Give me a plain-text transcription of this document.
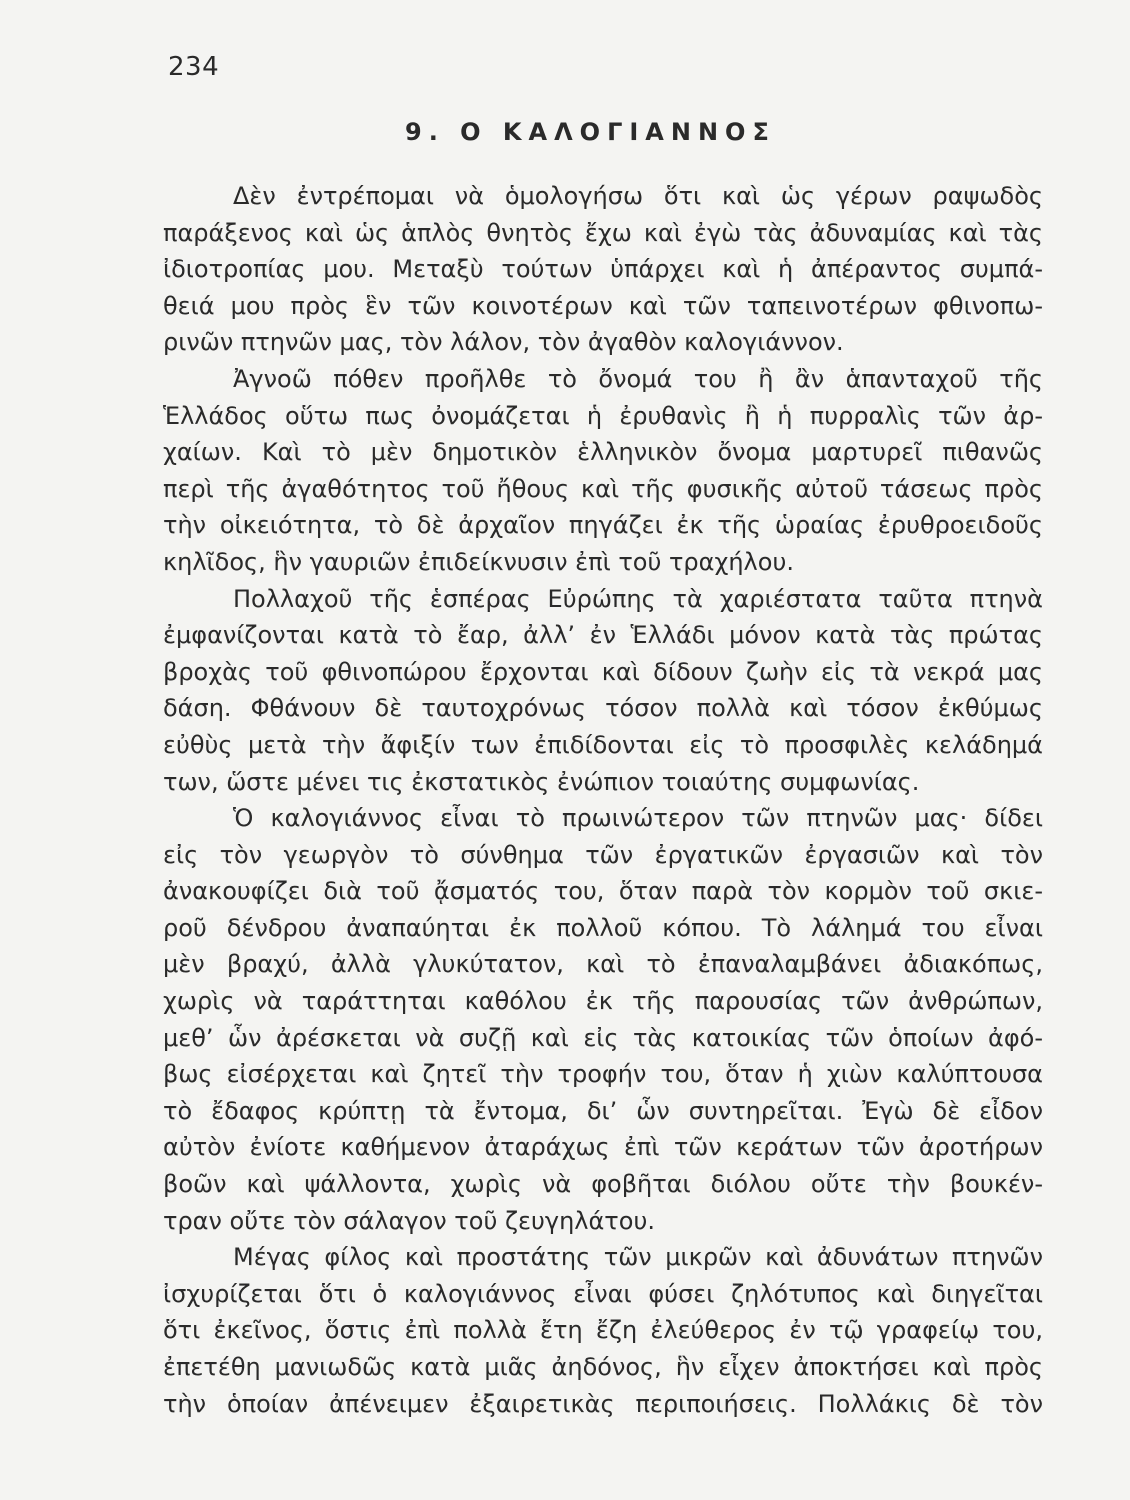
234
9. Ο ΚΑΛΟΓΙΑΝΝΟΣ
Δὲν ἐντρέπομαι νὰ ὁμολογήσω ὅτι καὶ ὡς γέρων ραψωδὸς
παράξενος καὶ ὡς ἁπλὸς θνητὸς ἔχω καὶ ἐγὼ τὰς ἀδυναμίας καὶ τὰς
ἰδιοτροπίας μου. Μεταξὺ τούτων ὑπάρχει καὶ ἡ ἀπέραντος συμπά-
θειά μου πρὸς ἓν τῶν κοινοτέρων καὶ τῶν ταπεινοτέρων φθινοπω-
ρινῶν πτηνῶν μας, τὸν λάλον, τὸν ἀγαθὸν καλογιάννον.
Ἀγνοῶ πόθεν προῆλθε τὸ ὄνομά του ἢ ἂν ἁπανταχοῦ τῆς
Ἑλλάδος οὕτω πως ὀνομάζεται ἡ ἐρυθανὶς ἢ ἡ πυρραλὶς τῶν ἀρ-
χαίων. Καὶ τὸ μὲν δημοτικὸν ἑλληνικὸν ὄνομα μαρτυρεῖ πιθανῶς
περὶ τῆς ἀγαθότητος τοῦ ἤθους καὶ τῆς φυσικῆς αὐτοῦ τάσεως πρὸς
τὴν οἰκειότητα, τὸ δὲ ἀρχαῖον πηγάζει ἐκ τῆς ὡραίας ἐρυθροειδοῦς
κηλῖδος, ἣν γαυριῶν ἐπιδείκνυσιν ἐπὶ τοῦ τραχήλου.
Πολλαχοῦ τῆς ἑσπέρας Εὐρώπης τὰ χαριέστατα ταῦτα πτηνὰ
ἐμφανίζονται κατὰ τὸ ἔαρ, ἀλλ’ ἐν Ἑλλάδι μόνον κατὰ τὰς πρώτας
βροχὰς τοῦ φθινοπώρου ἔρχονται καὶ δίδουν ζωὴν εἰς τὰ νεκρά μας
δάση. Φθάνουν δὲ ταυτοχρόνως τόσον πολλὰ καὶ τόσον ἐκθύμως
εὐθὺς μετὰ τὴν ἄφιξίν των ἐπιδίδονται εἰς τὸ προσφιλὲς κελάδημά
των, ὥστε μένει τις ἐκστατικὸς ἐνώπιον τοιαύτης συμφωνίας.
Ὁ καλογιάννος εἶναι τὸ πρωινώτερον τῶν πτηνῶν μας· δίδει
εἰς τὸν γεωργὸν τὸ σύνθημα τῶν ἐργατικῶν ἐργασιῶν καὶ τὸν
ἀνακουφίζει διὰ τοῦ ᾄσματός του, ὅταν παρὰ τὸν κορμὸν τοῦ σκιε-
ροῦ δένδρου ἀναπαύηται ἐκ πολλοῦ κόπου. Τὸ λάλημά του εἶναι
μὲν βραχύ, ἀλλὰ γλυκύτατον, καὶ τὸ ἐπαναλαμβάνει ἀδιακόπως,
χωρὶς νὰ ταράττηται καθόλου ἐκ τῆς παρουσίας τῶν ἀνθρώπων,
μεθ’ ὧν ἀρέσκεται νὰ συζῇ καὶ εἰς τὰς κατοικίας τῶν ὁποίων ἀφό-
βως εἰσέρχεται καὶ ζητεῖ τὴν τροφήν του, ὅταν ἡ χιὼν καλύπτουσα
τὸ ἔδαφος κρύπτῃ τὰ ἔντομα, δι’ ὧν συντηρεῖται. Ἐγὼ δὲ εἶδον
αὐτὸν ἐνίοτε καθήμενον ἀταράχως ἐπὶ τῶν κεράτων τῶν ἀροτήρων
βοῶν καὶ ψάλλοντα, χωρὶς νὰ φοβῆται διόλου οὔτε τὴν βουκέν-
τραν οὔτε τὸν σάλαγον τοῦ ζευγηλάτου.
Μέγας φίλος καὶ προστάτης τῶν μικρῶν καὶ ἀδυνάτων πτηνῶν
ἰσχυρίζεται ὅτι ὁ καλογιάννος εἶναι φύσει ζηλότυπος καὶ διηγεῖται
ὅτι ἐκεῖνος, ὅστις ἐπὶ πολλὰ ἔτη ἔζη ἐλεύθερος ἐν τῷ γραφείῳ του,
ἐπετέθη μανιωδῶς κατὰ μιᾶς ἀηδόνος, ἣν εἶχεν ἀποκτήσει καὶ πρὸς
τὴν ὁποίαν ἀπένειμεν ἐξαιρετικὰς περιποιήσεις. Πολλάκις δὲ τὸν
